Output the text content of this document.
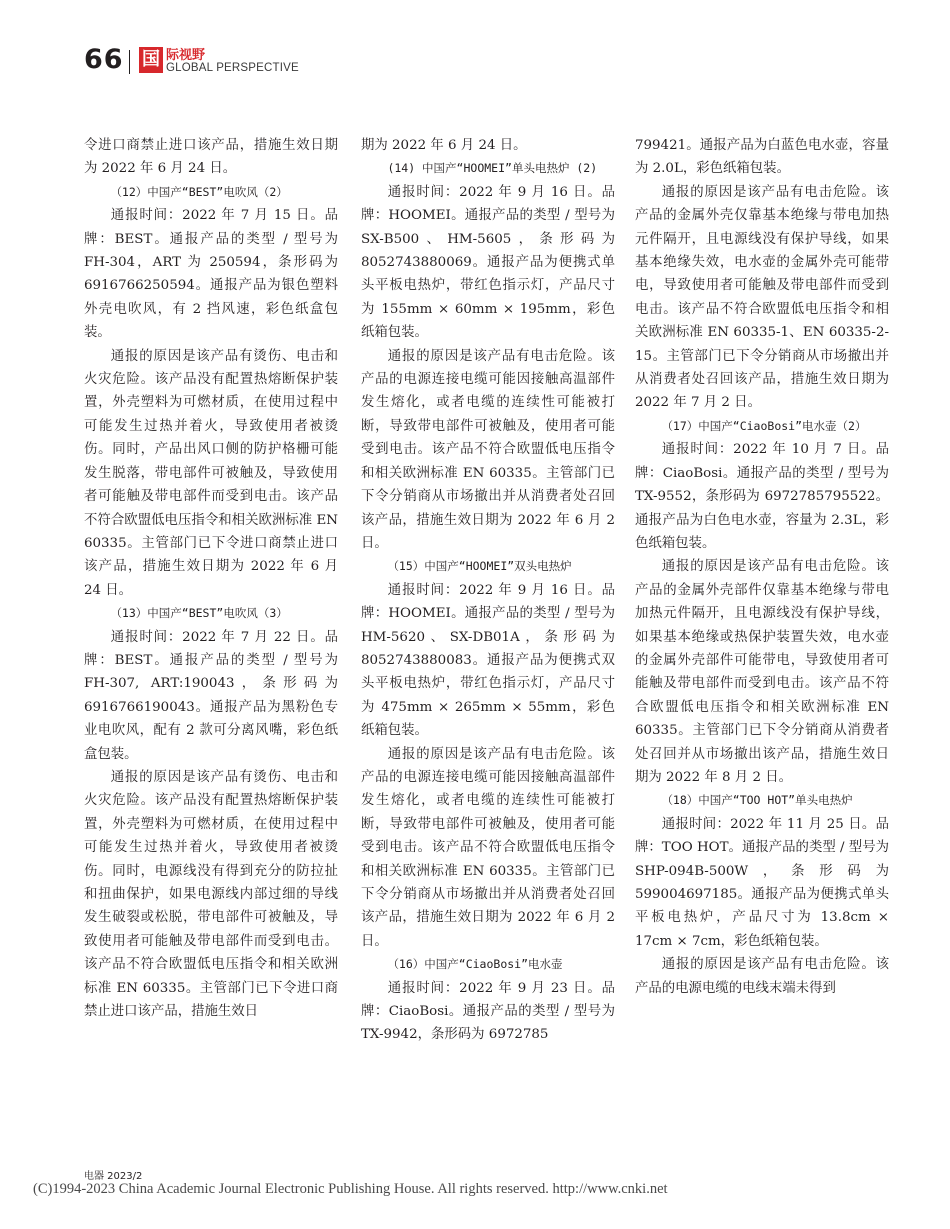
66 国 际视野
GLOBAL PERSPECTIVE

令进口商禁止进口该产品，措施生效日期为 2022 年 6 月 24 日。

（12）中国产“BEST”电吹风（2）

通报时间：2022 年 7 月 15 日。品牌：BEST。通报产品的类型 / 型号为 FH-304，ART 为 250594，条形码为 6916766250594。通报产品为银色塑料外壳电吹风，有 2 挡风速，彩色纸盒包装。

通报的原因是该产品有烫伤、电击和火灾危险。该产品没有配置热熔断保护装置，外壳塑料为可燃材质，在使用过程中可能发生过热并着火，导致使用者被烫伤。同时，产品出风口侧的防护格栅可能发生脱落，带电部件可被触及，导致使用者可能触及带电部件而受到电击。该产品不符合欧盟低电压指令和相关欧洲标准 EN 60335。主管部门已下令进口商禁止进口该产品，措施生效日期为 2022 年 6 月 24 日。

（13）中国产“BEST”电吹风（3）

通报时间：2022 年 7 月 22 日。品牌：BEST。通报产品的类型 / 型号为 FH-307, ART:190043，条形码为 6916766190043。通报产品为黑粉色专业电吹风，配有 2 款可分离风嘴，彩色纸盒包装。

通报的原因是该产品有烫伤、电击和火灾危险。该产品没有配置热熔断保护装置，外壳塑料为可燃材质，在使用过程中可能发生过热并着火，导致使用者被烫伤。同时，电源线没有得到充分的防拉扯和扭曲保护，如果电源线内部过细的导线发生破裂或松脱，带电部件可被触及，导致使用者可能触及带电部件而受到电击。该产品不符合欧盟低电压指令和相关欧洲标准 EN 60335。主管部门已下令进口商禁止进口该产品，措施生效日

期为 2022 年 6 月 24 日。

(14) 中国产“HOOMEI”单头电热炉 (2)

通报时间：2022 年 9 月 16 日。品牌：HOOMEI。通报产品的类型 / 型号为 SX-B500、HM-5605，条形码为 8052743880069。通报产品为便携式单头平板电热炉，带红色指示灯，产品尺寸为 155mm × 60mm × 195mm，彩色纸箱包装。

通报的原因是该产品有电击危险。该产品的电源连接电缆可能因接触高温部件发生熔化，或者电缆的连续性可能被打断，导致带电部件可被触及，使用者可能受到电击。该产品不符合欧盟低电压指令和相关欧洲标准 EN 60335。主管部门已下令分销商从市场撤出并从消费者处召回该产品，措施生效日期为 2022 年 6 月 2 日。

（15）中国产“HOOMEI”双头电热炉

通报时间：2022 年 9 月 16 日。品牌：HOOMEI。通报产品的类型 / 型号为 HM-5620、SX-DB01A，条形码为 8052743880083。通报产品为便携式双头平板电热炉，带红色指示灯，产品尺寸为 475mm × 265mm × 55mm，彩色纸箱包装。

通报的原因是该产品有电击危险。该产品的电源连接电缆可能因接触高温部件发生熔化，或者电缆的连续性可能被打断，导致带电部件可被触及，使用者可能受到电击。该产品不符合欧盟低电压指令和相关欧洲标准 EN 60335。主管部门已下令分销商从市场撤出并从消费者处召回该产品，措施生效日期为 2022 年 6 月 2 日。

（16）中国产“CiaoBosi”电水壶

通报时间：2022 年 9 月 23 日。品牌：CiaoBosi。通报产品的类型 / 型号为 TX-9942，条形码为 6972785

799421。通报产品为白蓝色电水壶，容量为 2.0L，彩色纸箱包装。

通报的原因是该产品有电击危险。该产品的金属外壳仅靠基本绝缘与带电加热元件隔开，且电源线没有保护导线，如果基本绝缘失效，电水壶的金属外壳可能带电，导致使用者可能触及带电部件而受到电击。该产品不符合欧盟低电压指令和相关欧洲标准 EN 60335-1、EN 60335-2-15。主管部门已下令分销商从市场撤出并从消费者处召回该产品，措施生效日期为 2022 年 7 月 2 日。

（17）中国产“CiaoBosi”电水壶（2）

通报时间：2022 年 10 月 7 日。品牌：CiaoBosi。通报产品的类型 / 型号为 TX-9552，条形码为 6972785795522。通报产品为白色电水壶，容量为 2.3L，彩色纸箱包装。

通报的原因是该产品有电击危险。该产品的金属外壳部件仅靠基本绝缘与带电加热元件隔开，且电源线没有保护导线，如果基本绝缘或热保护装置失效，电水壶的金属外壳部件可能带电，导致使用者可能触及带电部件而受到电击。该产品不符合欧盟低电压指令和相关欧洲标准 EN 60335。主管部门已下令分销商从消费者处召回并从市场撤出该产品，措施生效日期为 2022 年 8 月 2 日。

（18）中国产“TOO HOT”单头电热炉

通报时间：2022 年 11 月 25 日。品牌：TOO HOT。通报产品的类型 / 型号为 SHP-094B-500W，条形码为 599004697185。通报产品为便携式单头平板电热炉，产品尺寸为 13.8cm × 17cm × 7cm，彩色纸箱包装。

通报的原因是该产品有电击危险。该产品的电源电缆的电线末端未得到

电器 2023/2
(C)1994-2023 China Academic Journal Electronic Publishing House. All rights reserved. http://www.cnki.net
